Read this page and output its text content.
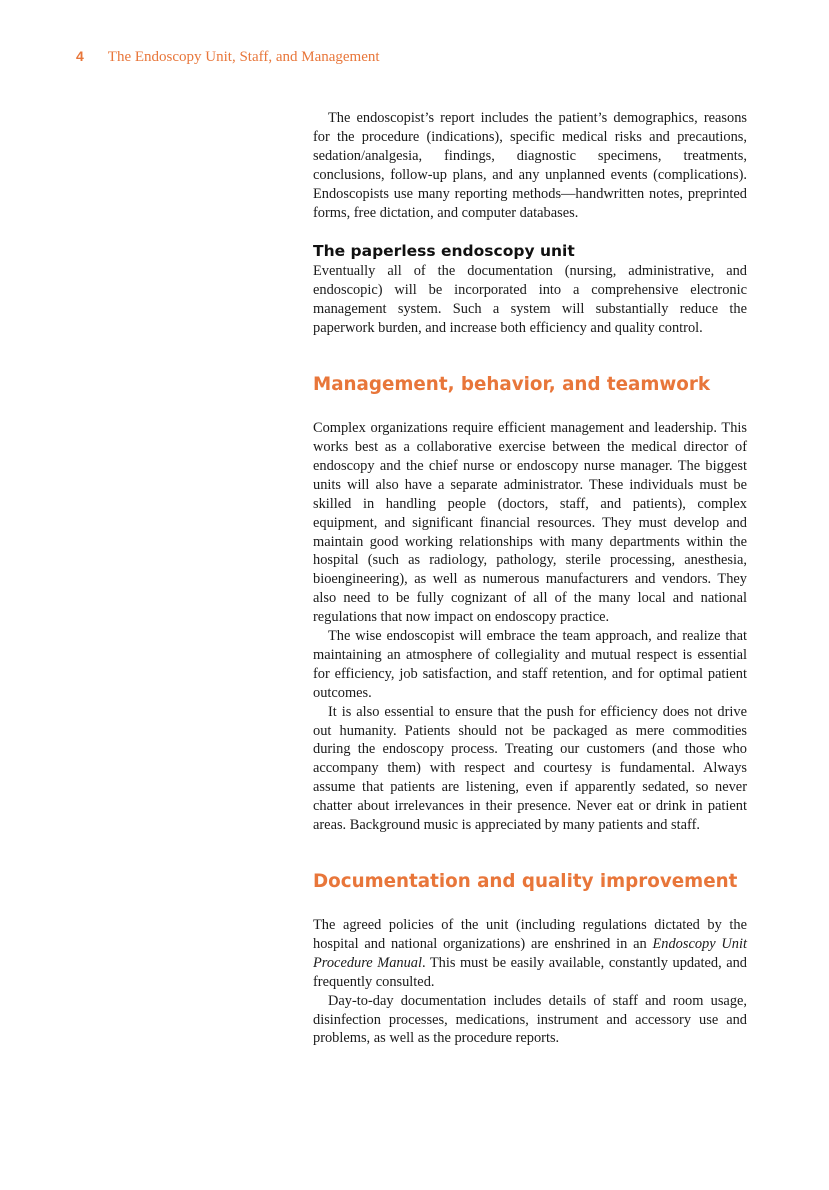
4 The Endoscopy Unit, Staff, and Management

The endoscopist’s report includes the patient’s demographics, reasons for the procedure (indications), specific medical risks and precautions, sedation/analgesia, findings, diagnostic specimens, treatments, conclusions, follow-up plans, and any unplanned events (complications). Endoscopists use many reporting methods—handwritten notes, preprinted forms, free dictation, and computer databases.

The paperless endoscopy unit

Eventually all of the documentation (nursing, administrative, and endoscopic) will be incorporated into a comprehensive electronic management system. Such a system will substantially reduce the paperwork burden, and increase both efficiency and quality control.

Management, behavior, and teamwork

Complex organizations require efficient management and leadership. This works best as a collaborative exercise between the medical director of endoscopy and the chief nurse or endoscopy nurse manager. The biggest units will also have a separate administrator. These individuals must be skilled in handling people (doctors, staff, and patients), complex equipment, and significant financial resources. They must develop and maintain good working relationships with many departments within the hospital (such as radiology, pathology, sterile processing, anesthesia, bioengineering), as well as numerous manufacturers and vendors. They also need to be fully cognizant of all of the many local and national regulations that now impact on endoscopy practice.

The wise endoscopist will embrace the team approach, and realize that maintaining an atmosphere of collegiality and mutual respect is essential for efficiency, job satisfaction, and staff retention, and for optimal patient outcomes.

It is also essential to ensure that the push for efficiency does not drive out humanity. Patients should not be packaged as mere commodities during the endoscopy process. Treating our customers (and those who accompany them) with respect and courtesy is fundamental. Always assume that patients are listening, even if apparently sedated, so never chatter about irrelevances in their presence. Never eat or drink in patient areas. Background music is appreciated by many patients and staff.

Documentation and quality improvement

The agreed policies of the unit (including regulations dictated by the hospital and national organizations) are enshrined in an Endoscopy Unit Procedure Manual. This must be easily available, constantly updated, and frequently consulted.

Day-to-day documentation includes details of staff and room usage, disinfection processes, medications, instrument and accessory use and problems, as well as the procedure reports.
